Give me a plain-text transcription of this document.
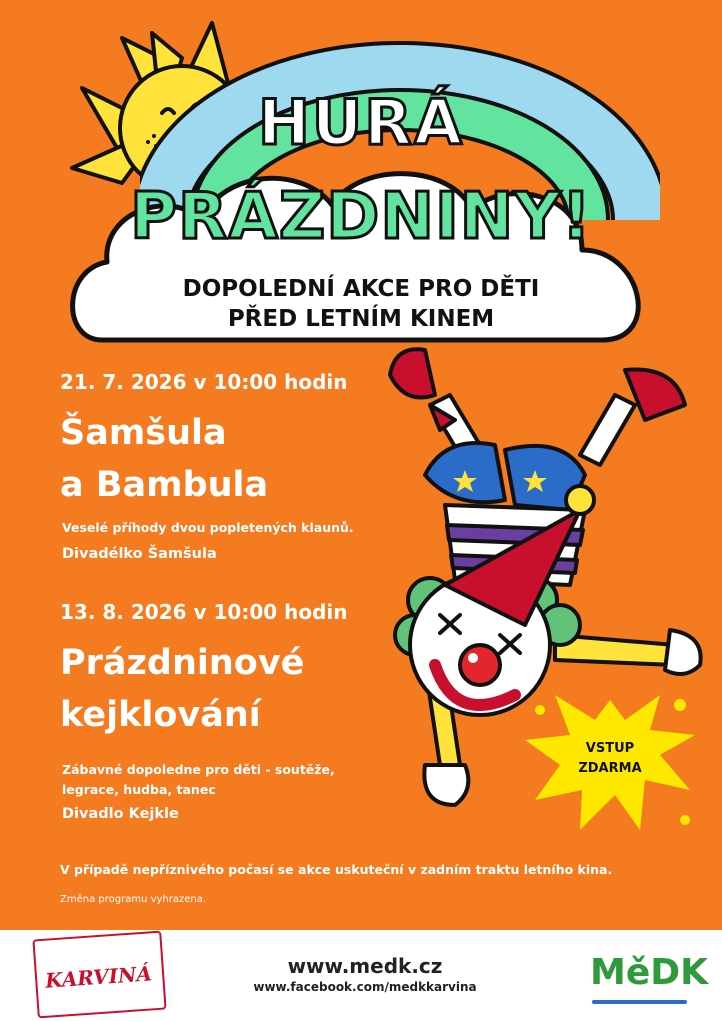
HURÁ
PRÁZDNINY!
DOPOLEDNÍ AKCE PRO DĚTI
PŘED LETNÍM KINEM
21. 7. 2026 v 10:00 hodin
Šamšula
a Bambula
Veselé příhody dvou popletených klaunů.
Divadélko Šamšula
13. 8. 2026 v 10:00 hodin
Prázdninové
kejklování
Zábavné dopoledne pro děti - soutěže,
legrace, hudba, tanec
Divadlo Kejkle
VSTUP
ZDARMA
V případě nepříznivého počasí se akce uskuteční v zadním traktu letního kina.
Změna programu vyhrazena.
KARVINÁ	www.medk.cz
www.facebook.com/medkkarvina	MěDK
